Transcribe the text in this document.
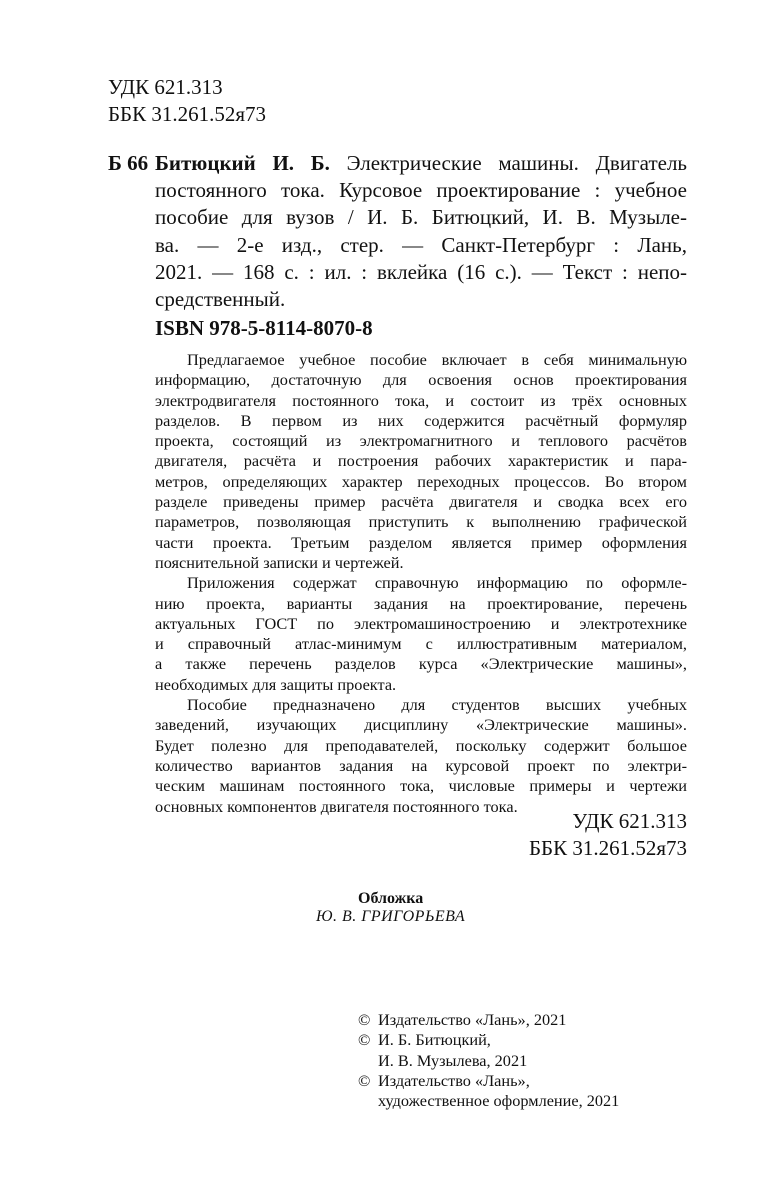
УДК 621.313
ББК 31.261.52я73
Б 66 Битюцкий И. Б. Электрические машины. Двигатель
постоянного тока. Курсовое проектирование : учебное
пособие для вузов / И. Б. Битюцкий, И. В. Музыле-
ва. — 2-е изд., стер. — Санкт-Петербург : Лань,
2021. — 168 с. : ил. : вклейка (16 с.). — Текст : непо-
средственный.
ISBN 978-5-8114-8070-8
Предлагаемое учебное пособие включает в себя минимальную
информацию, достаточную для освоения основ проектирования
электродвигателя постоянного тока, и состоит из трёх основных
разделов. В первом из них содержится расчётный формуляр
проекта, состоящий из электромагнитного и теплового расчётов
двигателя, расчёта и построения рабочих характеристик и пара-
метров, определяющих характер переходных процессов. Во втором
разделе приведены пример расчёта двигателя и сводка всех его
параметров, позволяющая приступить к выполнению графической
части проекта. Третьим разделом является пример оформления
пояснительной записки и чертежей.
Приложения содержат справочную информацию по оформле-
нию проекта, варианты задания на проектирование, перечень
актуальных ГОСТ по электромашиностроению и электротехнике
и справочный атлас-минимум с иллюстративным материалом,
а также перечень разделов курса «Электрические машины»,
необходимых для защиты проекта.
Пособие предназначено для студентов высших учебных
заведений, изучающих дисциплину «Электрические машины».
Будет полезно для преподавателей, поскольку содержит большое
количество вариантов задания на курсовой проект по электри-
ческим машинам постоянного тока, числовые примеры и чертежи
основных компонентов двигателя постоянного тока.
УДК 621.313
ББК 31.261.52я73
Обложка
Ю. В. ГРИГОРЬЕВА
© Издательство «Лань», 2021
© И. Б. Битюцкий,
И. В. Музылева, 2021
© Издательство «Лань»,
художественное оформление, 2021
